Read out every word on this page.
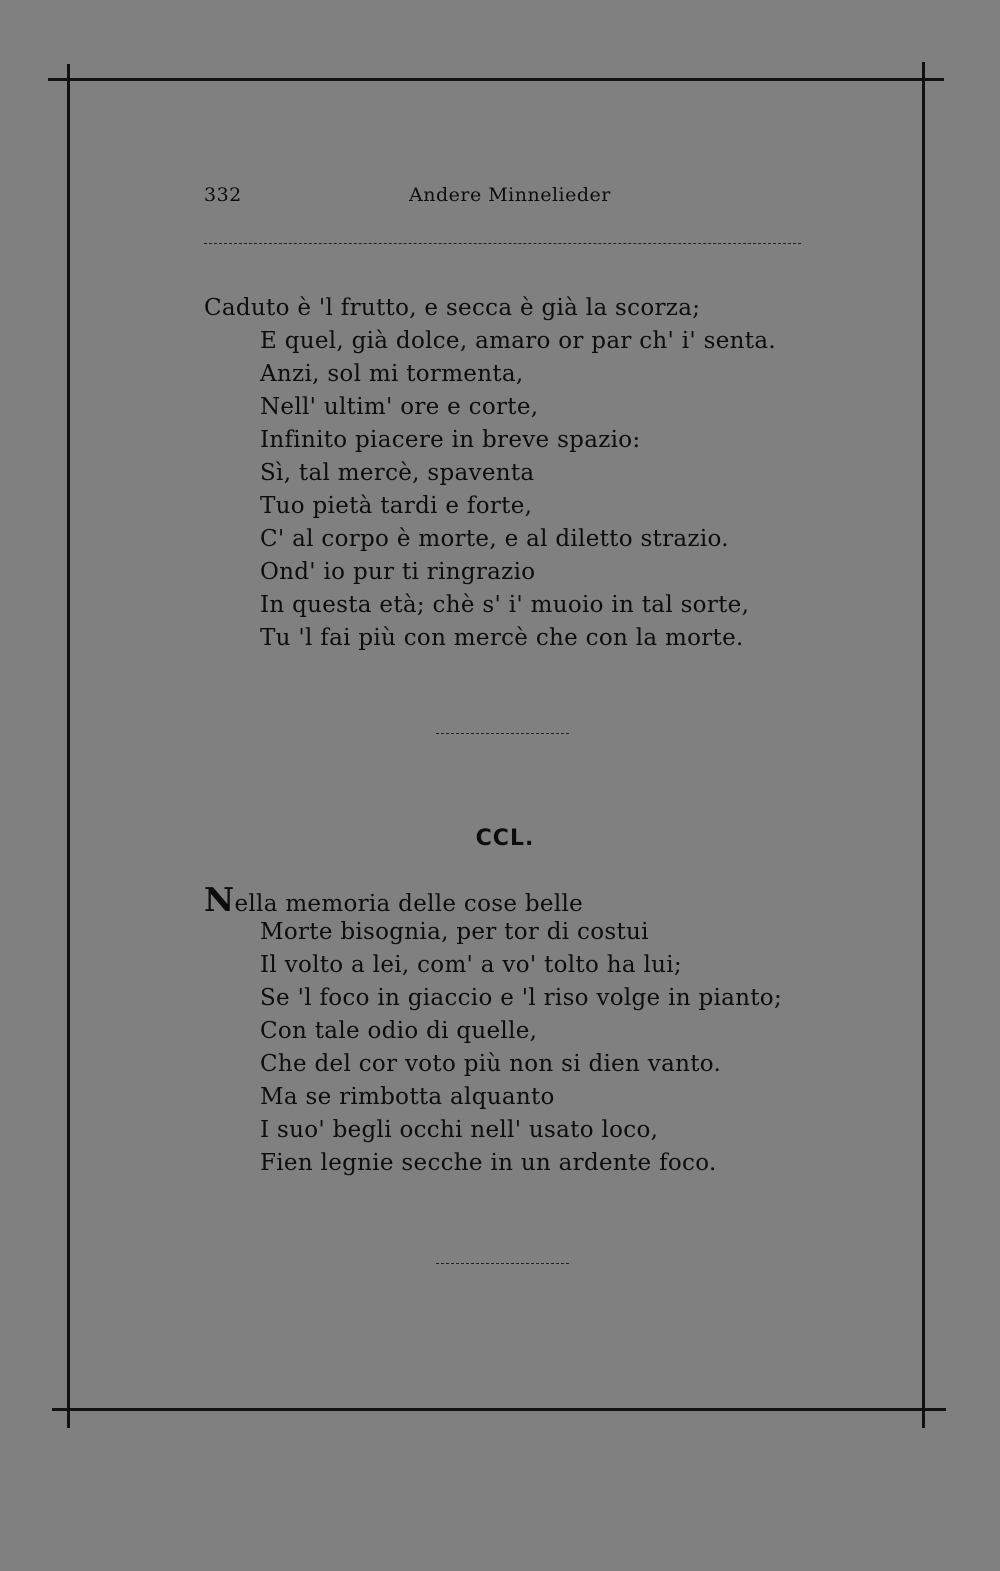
332	Andere Minnelieder
Caduto è 'l frutto, e secca è già la scorza;
E quel, già dolce, amaro or par ch' i' senta.
Anzi, sol mi tormenta,
Nell' ultim' ore e corte,
Infinito piacere in breve spazio:
Sì, tal mercè, spaventa
Tuo pietà tardi e forte,
C' al corpo è morte, e al diletto strazio.
Ond' io pur ti ringrazio
In questa età; chè s' i' muoio in tal sorte,
Tu 'l fai più con mercè che con la morte.
CCL.
Nella memoria delle cose belle
Morte bisognia, per tor di costui
Il volto a lei, com' a vo' tolto ha lui;
Se 'l foco in giaccio e 'l riso volge in pianto;
Con tale odio di quelle,
Che del cor voto più non si dien vanto.
Ma se rimbotta alquanto
I suo' begli occhi nell' usato loco,
Fien legnie secche in un ardente foco.
